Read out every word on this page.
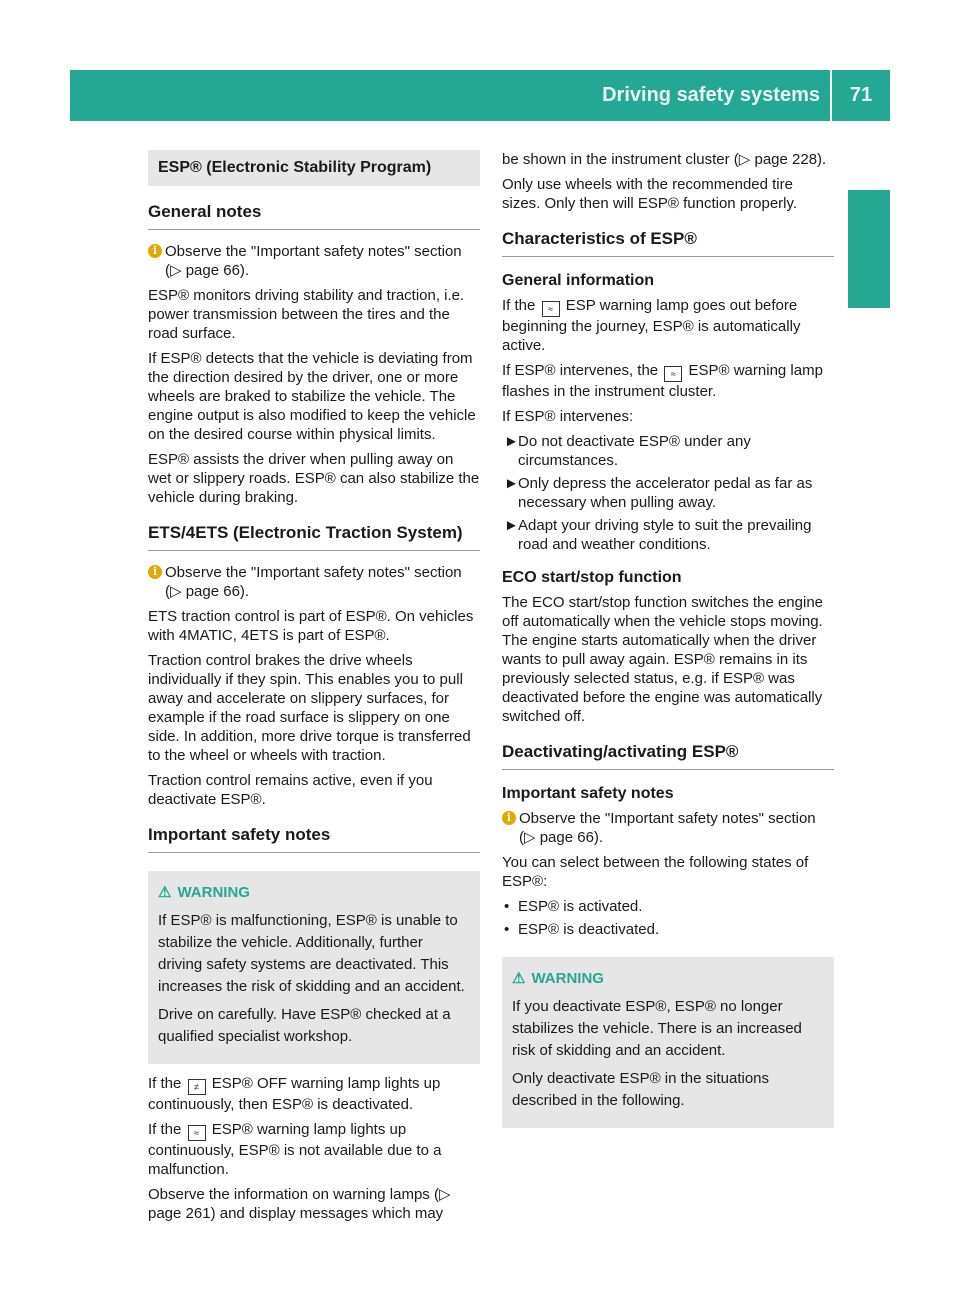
Driving safety systems	71
Safety
ESP® (Electronic Stability Program)
General notes
i Observe the "Important safety notes" section (▷ page 66).

ESP® monitors driving stability and traction, i.e. power transmission between the tires and the road surface.

If ESP® detects that the vehicle is deviating from the direction desired by the driver, one or more wheels are braked to stabilize the vehicle. The engine output is also modified to keep the vehicle on the desired course within physical limits.

ESP® assists the driver when pulling away on wet or slippery roads. ESP® can also stabilize the vehicle during braking.

ETS/4ETS (Electronic Traction System)
i Observe the "Important safety notes" section (▷ page 66).

ETS traction control is part of ESP®. On vehicles with 4MATIC, 4ETS is part of ESP®.

Traction control brakes the drive wheels individually if they spin. This enables you to pull away and accelerate on slippery surfaces, for example if the road surface is slippery on one side. In addition, more drive torque is transferred to the wheel or wheels with traction.

Traction control remains active, even if you deactivate ESP®.

Important safety notes
⚠ WARNING

If ESP® is malfunctioning, ESP® is unable to stabilize the vehicle. Additionally, further driving safety systems are deactivated. This increases the risk of skidding and an accident.

Drive on carefully. Have ESP® checked at a qualified specialist workshop.

If the ≠ ESP® OFF warning lamp lights up continuously, then ESP® is deactivated.

If the ≈ ESP® warning lamp lights up continuously, ESP® is not available due to a malfunction.

Observe the information on warning lamps (▷ page 261) and display messages which may

be shown in the instrument cluster (▷ page 228).

Only use wheels with the recommended tire sizes. Only then will ESP® function properly.

Characteristics of ESP®
General information

If the ≈ ESP warning lamp goes out before beginning the journey, ESP® is automatically active.

If ESP® intervenes, the ≈ ESP® warning lamp flashes in the instrument cluster.

If ESP® intervenes:

► Do not deactivate ESP® under any circumstances.
► Only depress the accelerator pedal as far as necessary when pulling away.
► Adapt your driving style to suit the prevailing road and weather conditions.
ECO start/stop function

The ECO start/stop function switches the engine off automatically when the vehicle stops moving. The engine starts automatically when the driver wants to pull away again. ESP® remains in its previously selected status, e.g. if ESP® was deactivated before the engine was automatically switched off.

Deactivating/activating ESP®
Important safety notes
i Observe the "Important safety notes" section (▷ page 66).

You can select between the following states of ESP®:

• ESP® is activated.
• ESP® is deactivated.
⚠ WARNING

If you deactivate ESP®, ESP® no longer stabilizes the vehicle. There is an increased risk of skidding and an accident.

Only deactivate ESP® in the situations described in the following.
